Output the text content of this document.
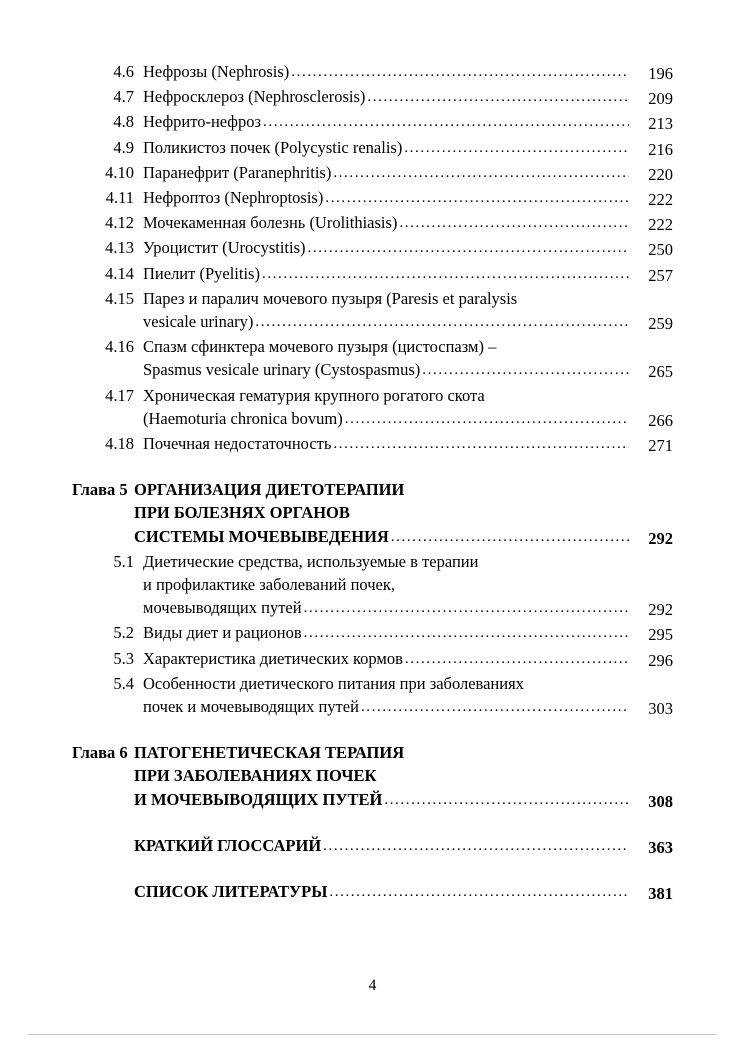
4.6 Нефрозы (Nephrosis) .....	196
4.7 Нефросклероз (Nephrosclerosis) .....	209
4.8 Нефрито-нефроз .....	213
4.9 Поликистоз почек (Polycystic renalis) .....	216
4.10 Паранефрит (Paranephritis) .....	220
4.11 Нефроптоз (Nephroptosis) .....	222
4.12 Мочекаменная болезнь (Urolithiasis) .....	222
4.13 Уроцистит (Urocystitis) .....	250
4.14 Пиелит (Pyelitis) .....	257
4.15 Парез и паралич мочевого пузыря (Paresis et paralysis
vesicale urinary) .....	259
4.16 Спазм сфинктера мочевого пузыря (цистоспазм) –
Spasmus vesicale urinary (Cystospasmus) .....	265
4.17 Хроническая гематурия крупного рогатого скота
(Haemoturia chronica bovum) .....	266
4.18 Почечная недостаточность .....	271
Глава 5 ОРГАНИЗАЦИЯ ДИЕТОТЕРАПИИ
ПРИ БОЛЕЗНЯХ ОРГАНОВ
СИСТЕМЫ МОЧЕВЫВЕДЕНИЯ .....	292
5.1 Диетические средства, используемые в терапии
и профилактике заболеваний почек,
мочевыводящих путей .....	292
5.2 Виды диет и рационов .....	295
5.3 Характеристика диетических кормов .....	296
5.4 Особенности диетического питания при заболеваниях
почек и мочевыводящих путей .....	303
Глава 6 ПАТОГЕНЕТИЧЕСКАЯ ТЕРАПИЯ
ПРИ ЗАБОЛЕВАНИЯХ ПОЧЕК
И МОЧЕВЫВОДЯЩИХ ПУТЕЙ .....	308
КРАТКИЙ ГЛОССАРИЙ .....	363
СПИСОК ЛИТЕРАТУРЫ .....	381
4
